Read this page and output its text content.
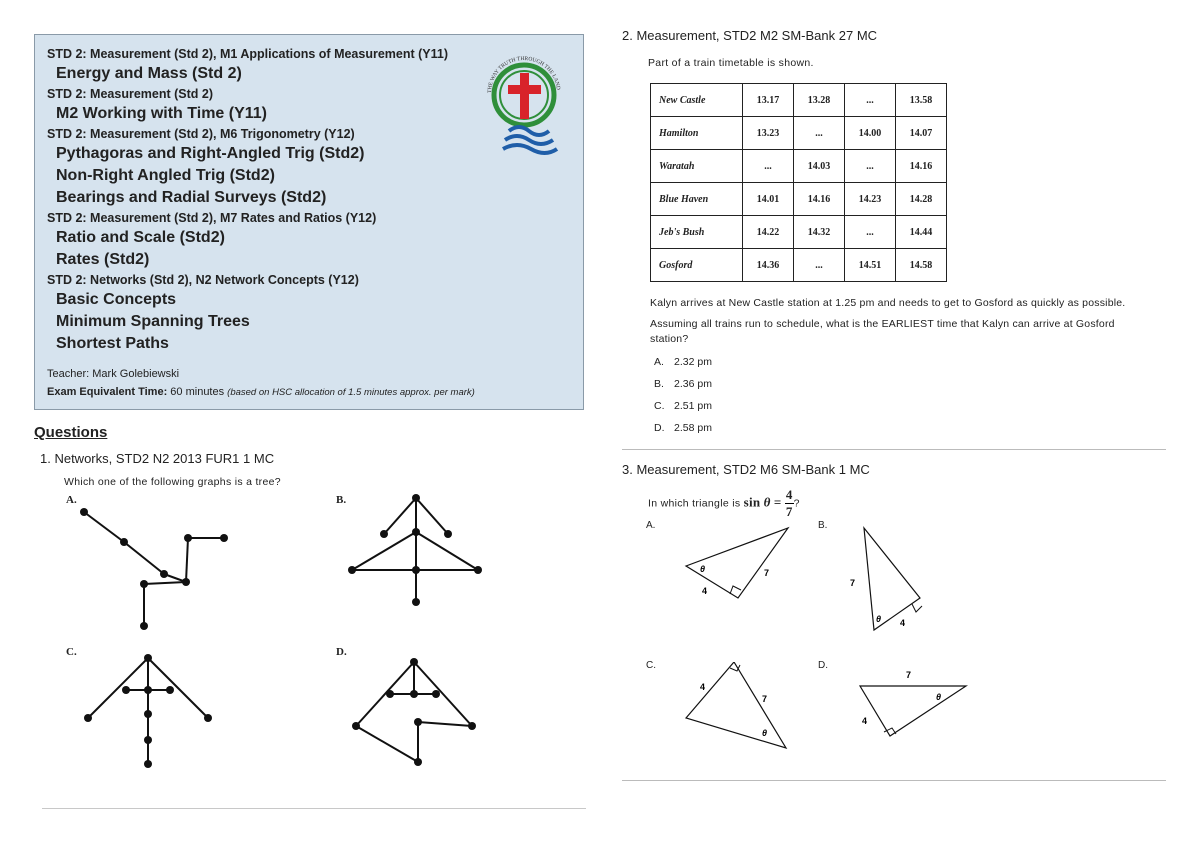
STD 2: Measurement (Std 2), M1 Applications of Measurement (Y11)
Energy and Mass (Std 2)
STD 2: Measurement (Std 2)
M2 Working with Time (Y11)
STD 2: Measurement (Std 2), M6 Trigonometry (Y12)
Pythagoras and Right-Angled Trig (Std2)
Non-Right Angled Trig (Std2)
Bearings and Radial Surveys (Std2)
STD 2: Measurement (Std 2), M7 Rates and Ratios (Y12)
Ratio and Scale (Std2)
Rates (Std2)
STD 2: Networks (Std 2), N2 Network Concepts (Y12)
Basic Concepts
Minimum Spanning Trees
Shortest Paths
Teacher: Mark Golebiewski
Exam Equivalent Time: 60 minutes (based on HSC allocation of 1.5 minutes approx. per mark)
THE WAY TRUTH THROUGH THE LAND
Questions
1. Networks, STD2 N2 2013 FUR1 1 MC
Which one of the following graphs is a tree?
A.	B.
C.	D.
2. Measurement, STD2 M2 SM-Bank 27 MC
Part of a train timetable is shown.
New Castle	13.17	13.28	...	13.58
Hamilton	13.23	...	14.00	14.07
Waratah	...	14.03	...	14.16
Blue Haven	14.01	14.16	14.23	14.28
Jeb's Bush	14.22	14.32	...	14.44
Gosford	14.36	...	14.51	14.58
Kalyn arrives at New Castle station at 1.25 pm and needs to get to Gosford as quickly as possible.
Assuming all trains run to schedule, what is the EARLIEST time that Kalyn can arrive at Gosford station?
A. 2.32 pm
B. 2.36 pm
C. 2.51 pm
D. 2.58 pm
3. Measurement, STD2 M6 SM-Bank 1 MC
In which triangle is $\sin \theta = \frac{4}{7}$ ?
A.	B.
C.	D.
θ	7
4
7
θ 4
4
7
θ
7
θ
4
